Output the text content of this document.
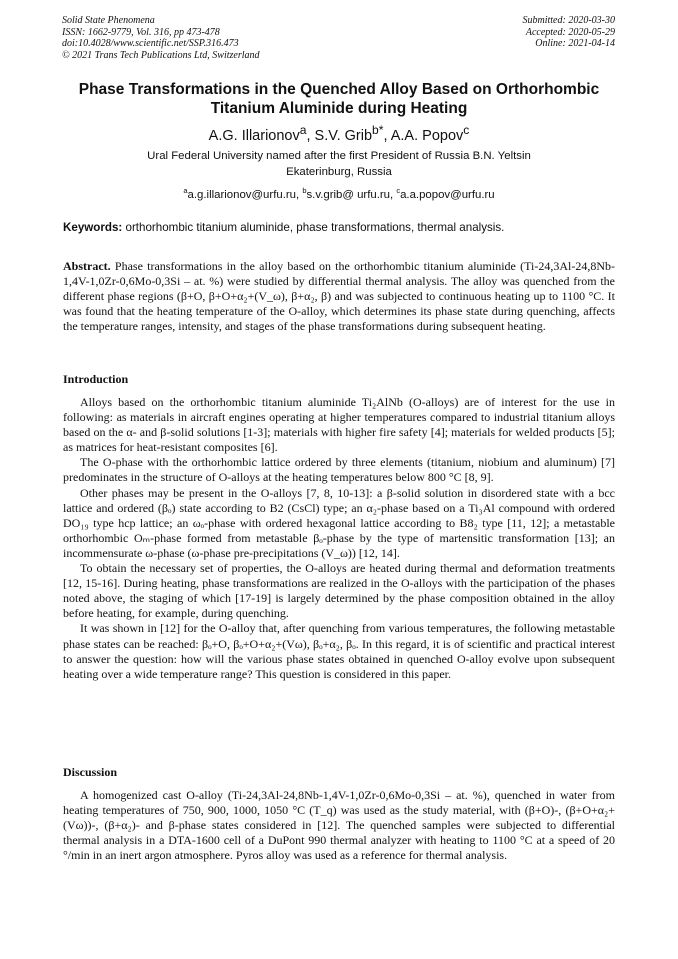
Solid State Phenomena
ISSN: 1662-9779, Vol. 316, pp 473-478
doi:10.4028/www.scientific.net/SSP.316.473
© 2021 Trans Tech Publications Ltd, Switzerland
Submitted: 2020-03-30
Accepted: 2020-05-29
Online: 2021-04-14
Phase Transformations in the Quenched Alloy Based on Orthorhombic
Titanium Aluminide during Heating
A.G. Illarionov$^a$, S.V. Grib$^{b*}$, A.A. Popov$^c$
Ural Federal University named after the first President of Russia B.N. Yeltsin
Ekaterinburg, Russia
$^a$a.g.illarionov@urfu.ru, $^b$s.v.grib@ urfu.ru, $^c$a.a.popov@urfu.ru
Keywords: orthorhombic titanium aluminide, phase transformations, thermal analysis.

Abstract. Phase transformations in the alloy based on the orthorhombic titanium aluminide (Ti-24,3Al-24,8Nb-1,4V-1,0Zr-0,6Mo-0,3Si – at. %) were studied by differential thermal analysis. The alloy was quenched from the different phase regions (β+O, β+O+α₂+(V_ω), β+α₂, β) and was subjected to continuous heating up to 1100 °C. It was found that the heating temperature of the O-alloy, which determines its phase state during quenching, affects the temperature ranges, intensity, and stages of the phase transformations during subsequent heating.

Introduction

Alloys based on the orthorhombic titanium aluminide Ti₂AlNb (O-alloys) are of interest for the use in following: as materials in aircraft engines operating at higher temperatures compared to industrial titanium alloys based on the α- and β-solid solutions [1-3]; materials with higher fire safety [4]; materials for welded products [5]; as matrices for heat-resistant composites [6].

The O-phase with the orthorhombic lattice ordered by three elements (titanium, niobium and aluminum) [7] predominates in the structure of O-alloys at the heating temperatures below 800 °C [8, 9].

Other phases may be present in the O-alloys [7, 8, 10-13]: a β-solid solution in disordered state with a bcc lattice and ordered (βₒ) state according to B2 (CsCl) type; an α₂-phase based on a Ti₃Al compound with ordered DO₁₉ type hcp lattice; an ωₒ-phase with ordered hexagonal lattice according to B8₂ type [11, 12]; a metastable orthorhombic Oₘ-phase formed from metastable βₒ-phase by the type of martensitic transformation [13]; an incommensurate ω-phase (ω-phase pre-precipitations (V_ω)) [12, 14].

To obtain the necessary set of properties, the O-alloys are heated during thermal and deformation treatments [12, 15-16]. During heating, phase transformations are realized in the O-alloys with the participation of the phases noted above, the staging of which [17-19] is largely determined by the phase composition obtained in the alloy before heating, for example, during quenching.

It was shown in [12] for the O-alloy that, after quenching from various temperatures, the following metastable phase states can be reached: βₒ+O, βₒ+O+α₂+(Vω), βₒ+α₂, βₒ. In this regard, it is of scientific and practical interest to answer the question: how will the various phase states obtained in quenched O-alloy evolve upon subsequent heating over a wide temperature range? This question is considered in this paper.

Discussion

A homogenized cast O-alloy (Ti-24,3Al-24,8Nb-1,4V-1,0Zr-0,6Mo-0,3Si – at. %), quenched in water from heating temperatures of 750, 900, 1000, 1050 °C (T_q) was used as the study material, with (β+O)-, (β+O+α₂+(Vω))-, (β+α₂)- and β-phase states considered in [12]. The quenched samples were subjected to differential thermal analysis in a DTA-1600 cell of a DuPont 990 thermal analyzer with heating to 1100 °C at a speed of 20 °/min in an inert argon atmosphere. Pyros alloy was used as a reference for thermal analysis.
